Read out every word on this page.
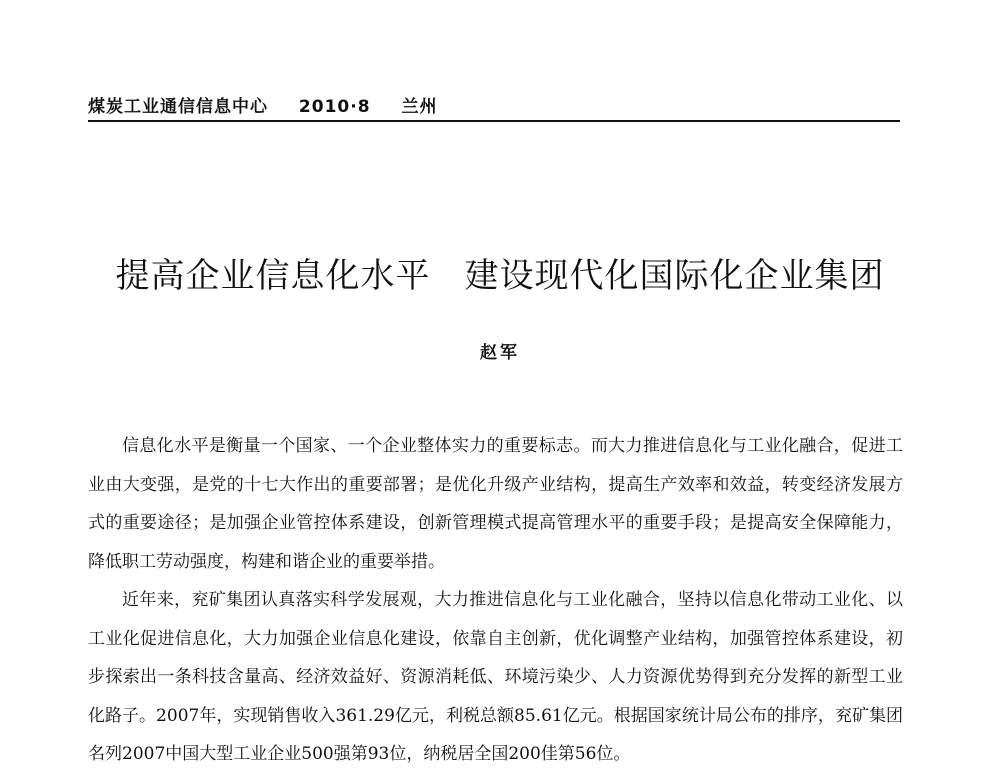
煤炭工业通信信息中心 2010·8 兰州
提高企业信息化水平 建设现代化国际化企业集团
赵军

信息化水平是衡量一个国家、一个企业整体实力的重要标志。而大力推进信息化与工业化融合，促进工业由大变强，是党的十七大作出的重要部署；是优化升级产业结构，提高生产效率和效益，转变经济发展方式的重要途径；是加强企业管控体系建设，创新管理模式提高管理水平的重要手段；是提高安全保障能力，降低职工劳动强度，构建和谐企业的重要举措。

近年来，兖矿集团认真落实科学发展观，大力推进信息化与工业化融合，坚持以信息化带动工业化、以工业化促进信息化，大力加强企业信息化建设，依靠自主创新，优化调整产业结构，加强管控体系建设，初步探索出一条科技含量高、经济效益好、资源消耗低、环境污染少、人力资源优势得到充分发挥的新型工业化路子。2007年，实现销售收入361.29亿元，利税总额85.61亿元。根据国家统计局公布的排序，兖矿集团名列2007中国大型工业企业500强第93位，纳税居全国200佳第56位。
